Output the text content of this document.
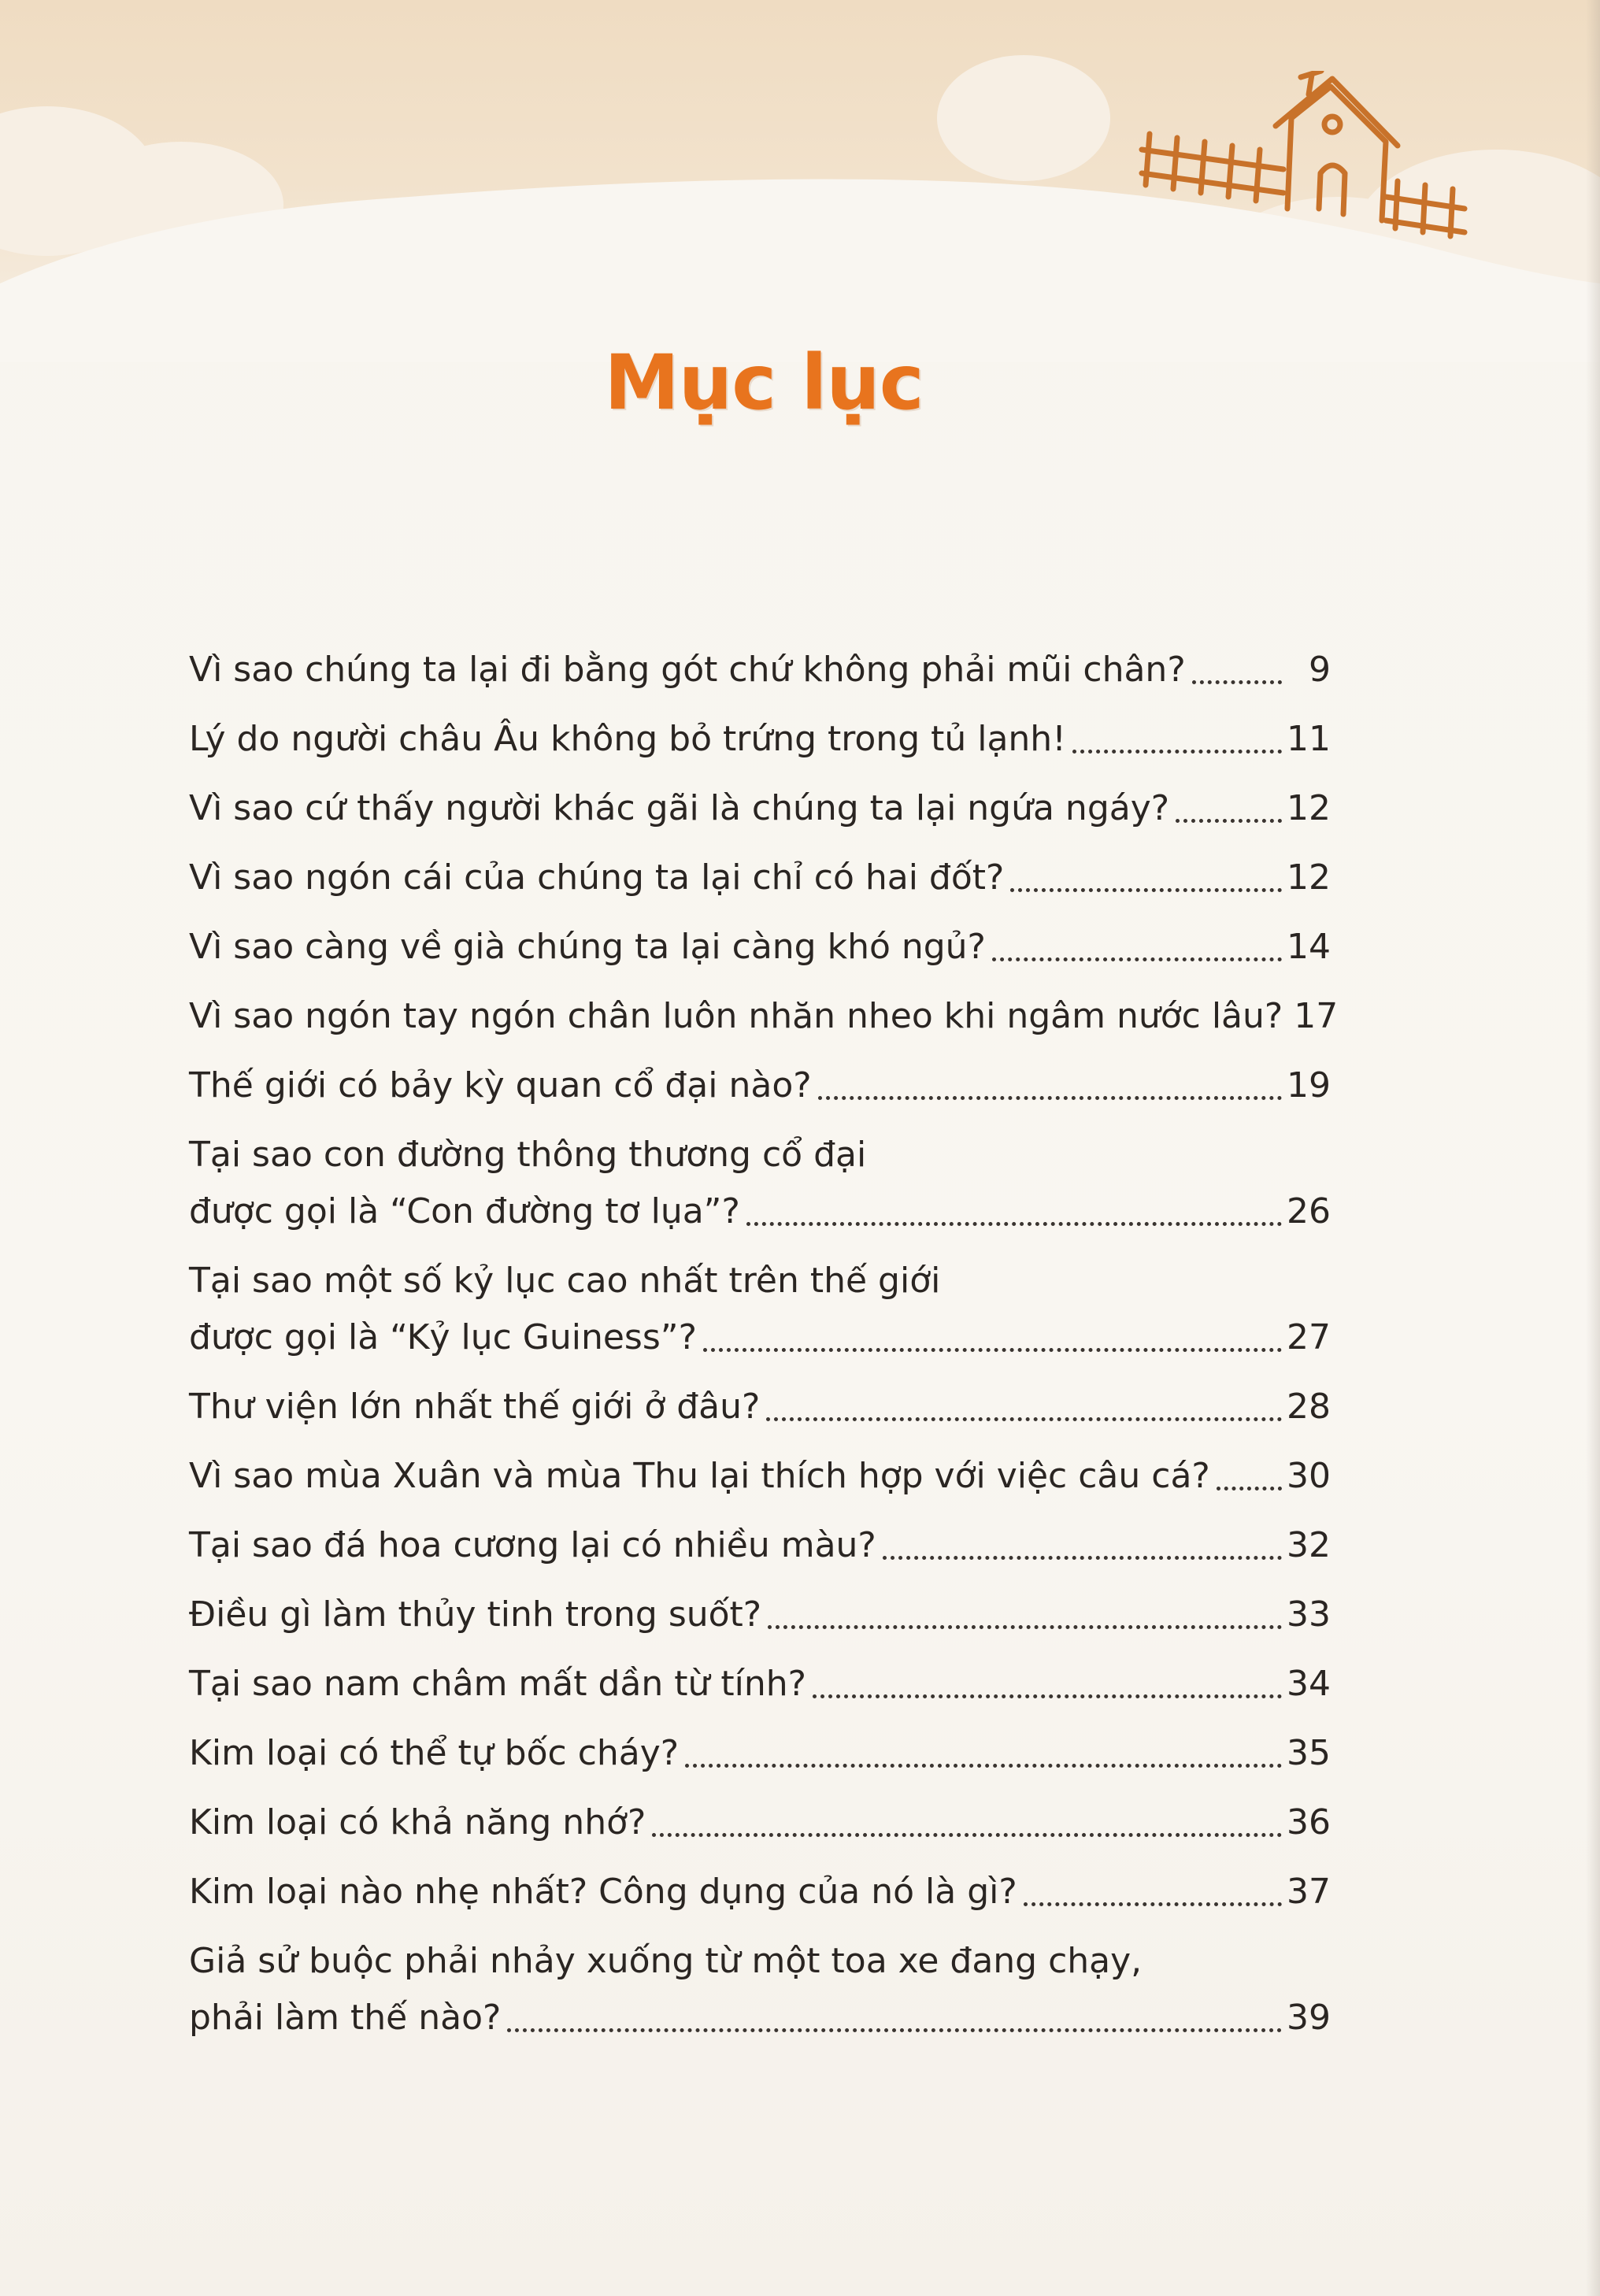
Mục lục
Vì sao chúng ta lại đi bằng gót chứ không phải mũi chân?	9
Lý do người châu Âu không bỏ trứng trong tủ lạnh!	11
Vì sao cứ thấy người khác gãi là chúng ta lại ngứa ngáy?	12
Vì sao ngón cái của chúng ta lại chỉ có hai đốt?	12
Vì sao càng về già chúng ta lại càng khó ngủ?	14
Vì sao ngón tay ngón chân luôn nhăn nheo khi ngâm nước lâu? 17
Thế giới có bảy kỳ quan cổ đại nào?	19
Tại sao con đường thông thương cổ đại
được gọi là “Con đường tơ lụa”?	26
Tại sao một số kỷ lục cao nhất trên thế giới
được gọi là “Kỷ lục Guiness”?	27
Thư viện lớn nhất thế giới ở đâu?	28
Vì sao mùa Xuân và mùa Thu lại thích hợp với việc câu cá? 30
Tại sao đá hoa cương lại có nhiều màu?	32
Điều gì làm thủy tinh trong suốt?	33
Tại sao nam châm mất dần từ tính?	34
Kim loại có thể tự bốc cháy?	35
Kim loại có khả năng nhớ?	36
Kim loại nào nhẹ nhất? Công dụng của nó là gì?	37
Giả sử buộc phải nhảy xuống từ một toa xe đang chạy,
phải làm thế nào?	39
